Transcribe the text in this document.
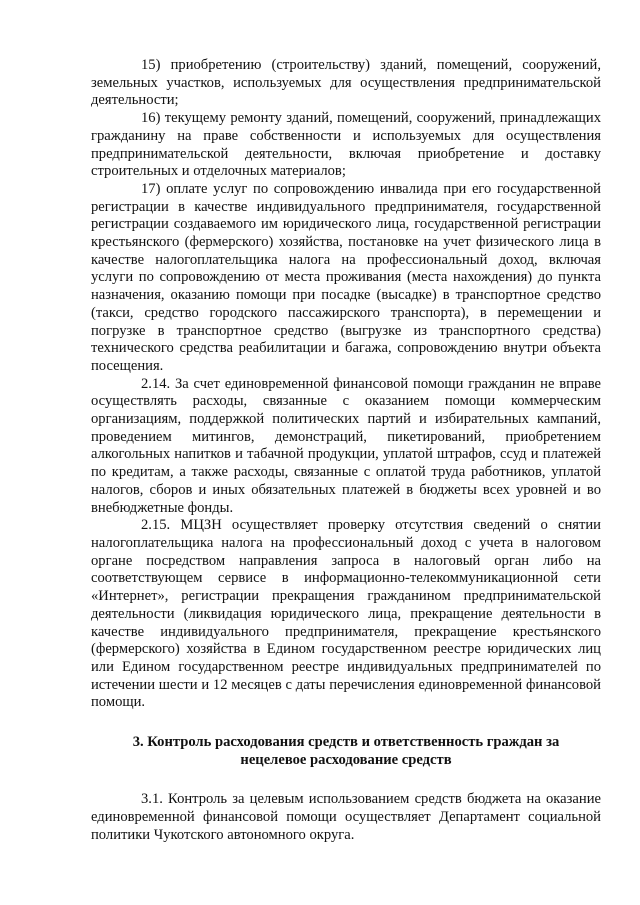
15) приобретению (строительству) зданий, помещений, сооружений, земельных участков, используемых для осуществления предпринимательской деятельности;

16) текущему ремонту зданий, помещений, сооружений, принадлежащих гражданину на праве собственности и используемых для осуществления предпринимательской деятельности, включая приобретение и доставку строительных и отделочных материалов;

17) оплате услуг по сопровождению инвалида при его государственной регистрации в качестве индивидуального предпринимателя, государственной регистрации создаваемого им юридического лица, государственной регистрации крестьянского (фермерского) хозяйства, постановке на учет физического лица в качестве налогоплательщика налога на профессиональный доход, включая услуги по сопровождению от места проживания (места нахождения) до пункта назначения, оказанию помощи при посадке (высадке) в транспортное средство (такси, средство городского пассажирского транспорта), в перемещении и погрузке в транспортное средство (выгрузке из транспортного средства) технического средства реабилитации и багажа, сопровождению внутри объекта посещения.

2.14. За счет единовременной финансовой помощи гражданин не вправе осуществлять расходы, связанные с оказанием помощи коммерческим организациям, поддержкой политических партий и избирательных кампаний, проведением митингов, демонстраций, пикетирований, приобретением алкогольных напитков и табачной продукции, уплатой штрафов, ссуд и платежей по кредитам, а также расходы, связанные с оплатой труда работников, уплатой налогов, сборов и иных обязательных платежей в бюджеты всех уровней и во внебюджетные фонды.

2.15. МЦЗН осуществляет проверку отсутствия сведений о снятии налогоплательщика налога на профессиональный доход с учета в налоговом органе посредством направления запроса в налоговый орган либо на соответствующем сервисе в информационно-телекоммуникационной сети «Интернет», регистрации прекращения гражданином предпринимательской деятельности (ликвидация юридического лица, прекращение деятельности в качестве индивидуального предпринимателя, прекращение крестьянского (фермерского) хозяйства в Едином государственном реестре юридических лиц или Едином государственном реестре индивидуальных предпринимателей по истечении шести и 12 месяцев с даты перечисления единовременной финансовой помощи.

3. Контроль расходования средств и ответственность граждан за
нецелевое расходование средств

3.1. Контроль за целевым использованием средств бюджета на оказание единовременной финансовой помощи осуществляет Департамент социальной политики Чукотского автономного округа.
